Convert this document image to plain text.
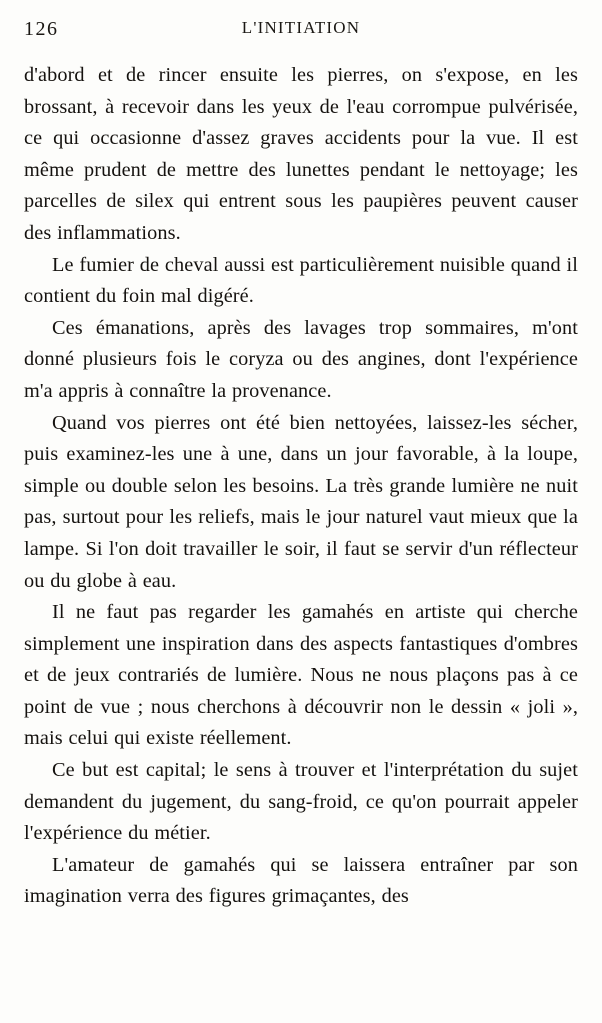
126	L'INITIATION

d'abord et de rincer ensuite les pierres, on s'expose, en les brossant, à recevoir dans les yeux de l'eau corrompue pulvérisée, ce qui occasionne d'assez graves accidents pour la vue. Il est même prudent de mettre des lunettes pendant le nettoyage; les parcelles de silex qui entrent sous les paupières peuvent causer des inflammations.

Le fumier de cheval aussi est particulièrement nuisible quand il contient du foin mal digéré.

Ces émanations, après des lavages trop sommaires, m'ont donné plusieurs fois le coryza ou des angines, dont l'expérience m'a appris à connaître la provenance.

Quand vos pierres ont été bien nettoyées, laissez-les sécher, puis examinez-les une à une, dans un jour favorable, à la loupe, simple ou double selon les besoins. La très grande lumière ne nuit pas, surtout pour les reliefs, mais le jour naturel vaut mieux que la lampe. Si l'on doit travailler le soir, il faut se servir d'un réflecteur ou du globe à eau.

Il ne faut pas regarder les gamahés en artiste qui cherche simplement une inspiration dans des aspects fantastiques d'ombres et de jeux contrariés de lumière. Nous ne nous plaçons pas à ce point de vue ; nous cherchons à découvrir non le dessin « joli », mais celui qui existe réellement.

Ce but est capital; le sens à trouver et l'interprétation du sujet demandent du jugement, du sang-froid, ce qu'on pourrait appeler l'expérience du métier.

L'amateur de gamahés qui se laissera entraîner par son imagination verra des figures grimaçantes, des
